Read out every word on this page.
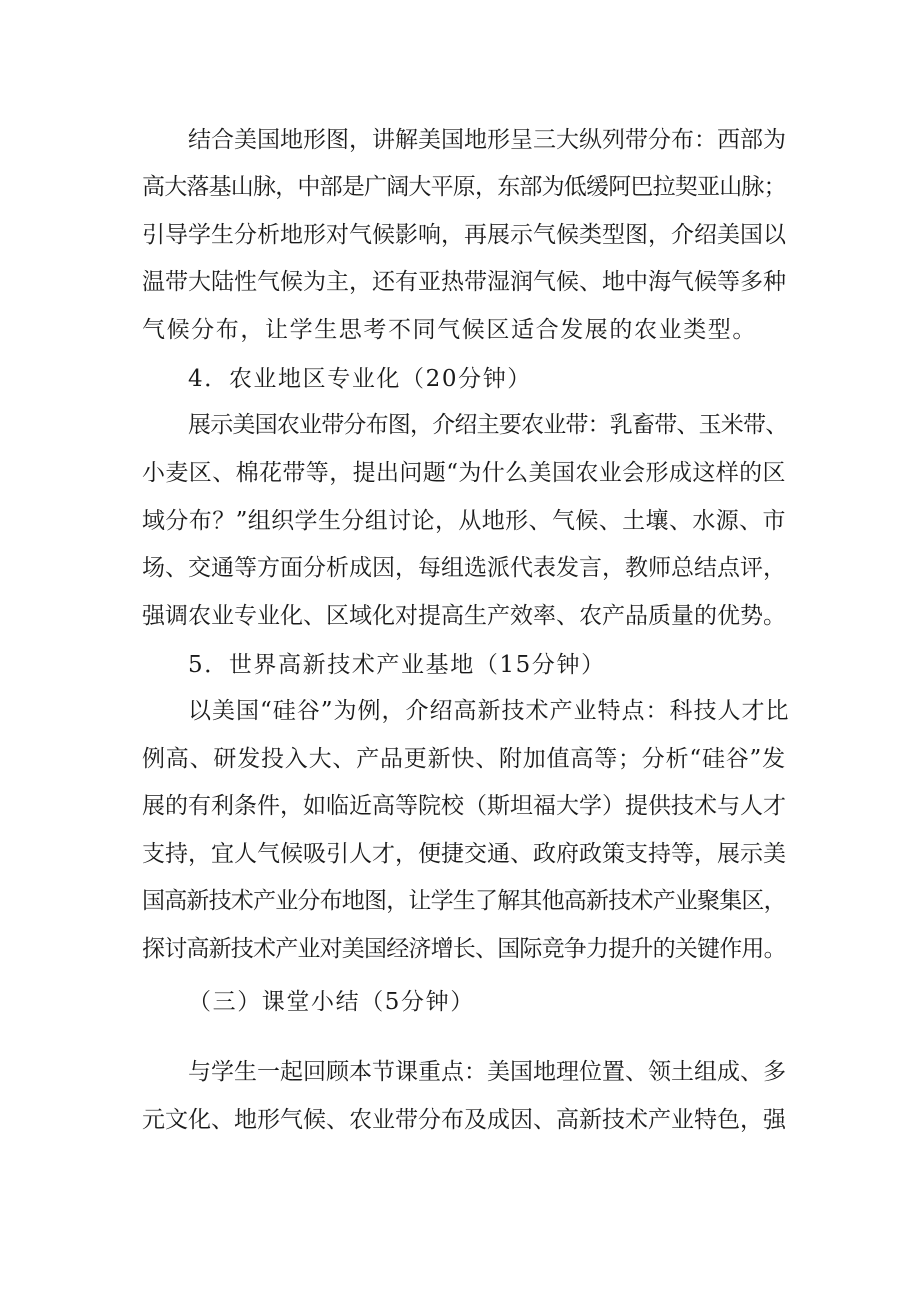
结合美国地形图，讲解美国地形呈三大纵列带分布：西部为
高大落基山脉，中部是广阔大平原，东部为低缓阿巴拉契亚山脉；
引导学生分析地形对气候影响，再展示气候类型图，介绍美国以
温带大陆性气候为主，还有亚热带湿润气候、地中海气候等多种
气候分布，让学生思考不同气候区适合发展的农业类型。
4．农业地区专业化（20分钟）
展示美国农业带分布图，介绍主要农业带：乳畜带、玉米带、
小麦区、棉花带等，提出问题“为什么美国农业会形成这样的区
域分布？”组织学生分组讨论，从地形、气候、土壤、水源、市
场、交通等方面分析成因，每组选派代表发言，教师总结点评，
强调农业专业化、区域化对提高生产效率、农产品质量的优势。
5．世界高新技术产业基地（15分钟）
以美国“硅谷”为例，介绍高新技术产业特点：科技人才比
例高、研发投入大、产品更新快、附加值高等；分析“硅谷”发
展的有利条件，如临近高等院校（斯坦福大学）提供技术与人才
支持，宜人气候吸引人才，便捷交通、政府政策支持等，展示美
国高新技术产业分布地图，让学生了解其他高新技术产业聚集区，
探讨高新技术产业对美国经济增长、国际竞争力提升的关键作用。
（三）课堂小结（5分钟）
与学生一起回顾本节课重点：美国地理位置、领土组成、多
元文化、地形气候、农业带分布及成因、高新技术产业特色，强
